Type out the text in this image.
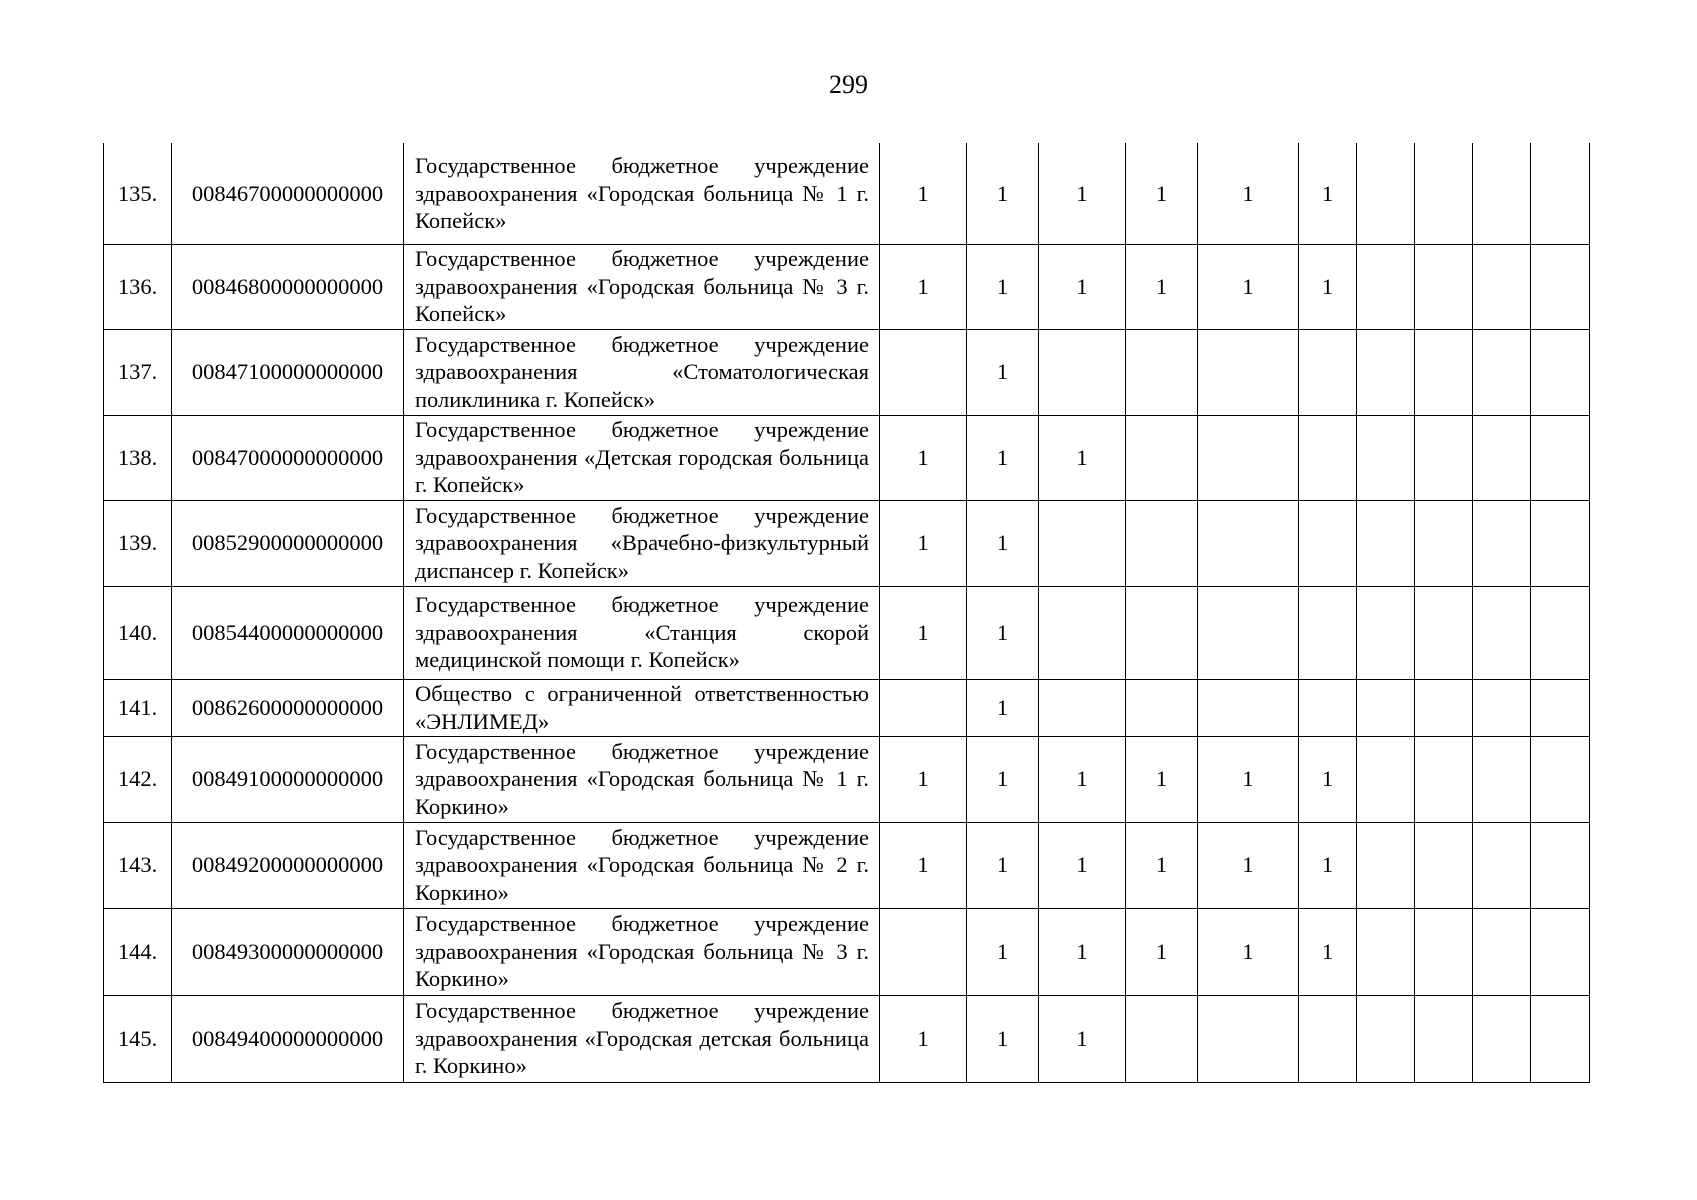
299
135.	00846700000000000	Государственное бюджетное учреждение здравоохранения «Городская больница № 1 г. Копейск»	1	1	1	1	1	1				
136.	00846800000000000	Государственное бюджетное учреждение здравоохранения «Городская больница № 3 г. Копейск»	1	1	1	1	1	1				
137.	00847100000000000	Государственное бюджетное учреждение здравоохранения «Стоматологическая поликлиника г. Копейск»		1								
138.	00847000000000000	Государственное бюджетное учреждение здравоохранения «Детская городская больница г. Копейск»	1	1	1							
139.	00852900000000000	Государственное бюджетное учреждение здравоохранения «Врачебно-физкультурный диспансер г. Копейск»	1	1								
140.	00854400000000000	Государственное бюджетное учреждение здравоохранения «Станция скорой медицинской помощи г. Копейск»	1	1								
141.	00862600000000000	Общество с ограниченной ответственностью «ЭНЛИМЕД»		1								
142.	00849100000000000	Государственное бюджетное учреждение здравоохранения «Городская больница № 1 г. Коркино»	1	1	1	1	1	1				
143.	00849200000000000	Государственное бюджетное учреждение здравоохранения «Городская больница № 2 г. Коркино»	1	1	1	1	1	1				
144.	00849300000000000	Государственное бюджетное учреждение здравоохранения «Городская больница № 3 г. Коркино»		1	1	1	1	1				
145.	00849400000000000	Государственное бюджетное учреждение здравоохранения «Городская детская больница г. Коркино»	1	1	1							
